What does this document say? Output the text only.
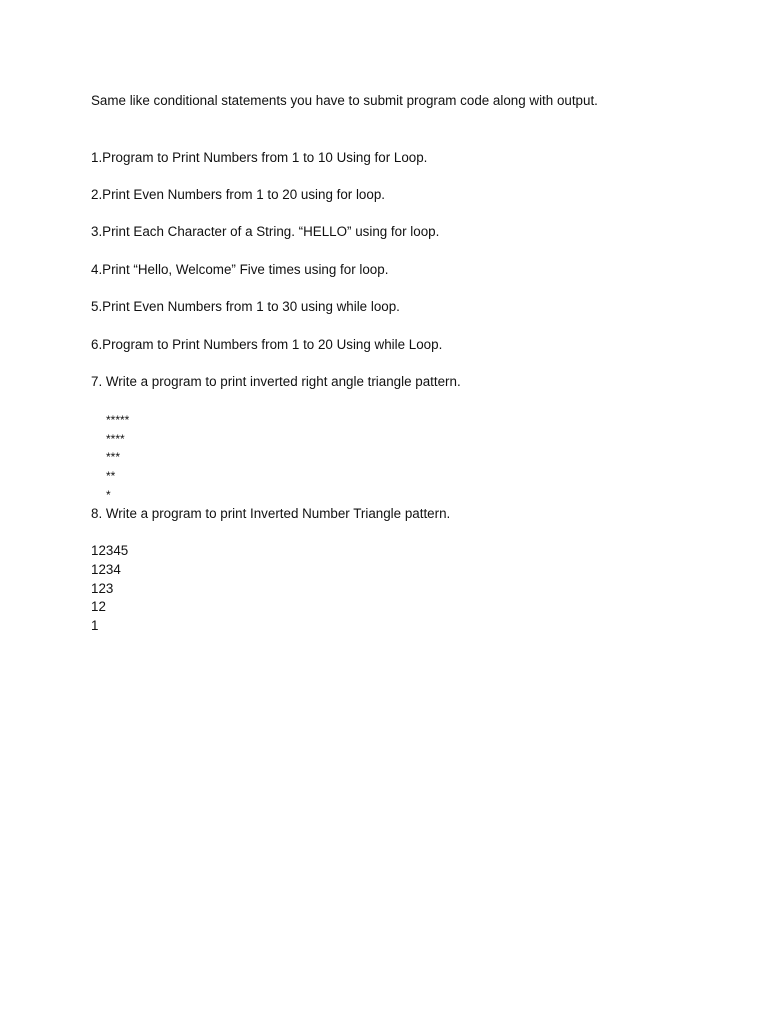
Same like conditional statements you have to submit program code along with output.
1.Program to Print Numbers from 1 to 10 Using for Loop.
2.Print Even Numbers from 1 to 20 using for loop.
3.Print Each Character of a String. “HELLO” using for loop.
4.Print “Hello, Welcome” Five times using for loop.
5.Print Even Numbers from 1 to 30 using while loop.
6.Program to Print Numbers from 1 to 20 Using while Loop.
7. Write a program to print inverted right angle triangle pattern.
*****
****
***
**
*
8. Write a program to print Inverted Number Triangle pattern.
12345
1234
123
12
1
